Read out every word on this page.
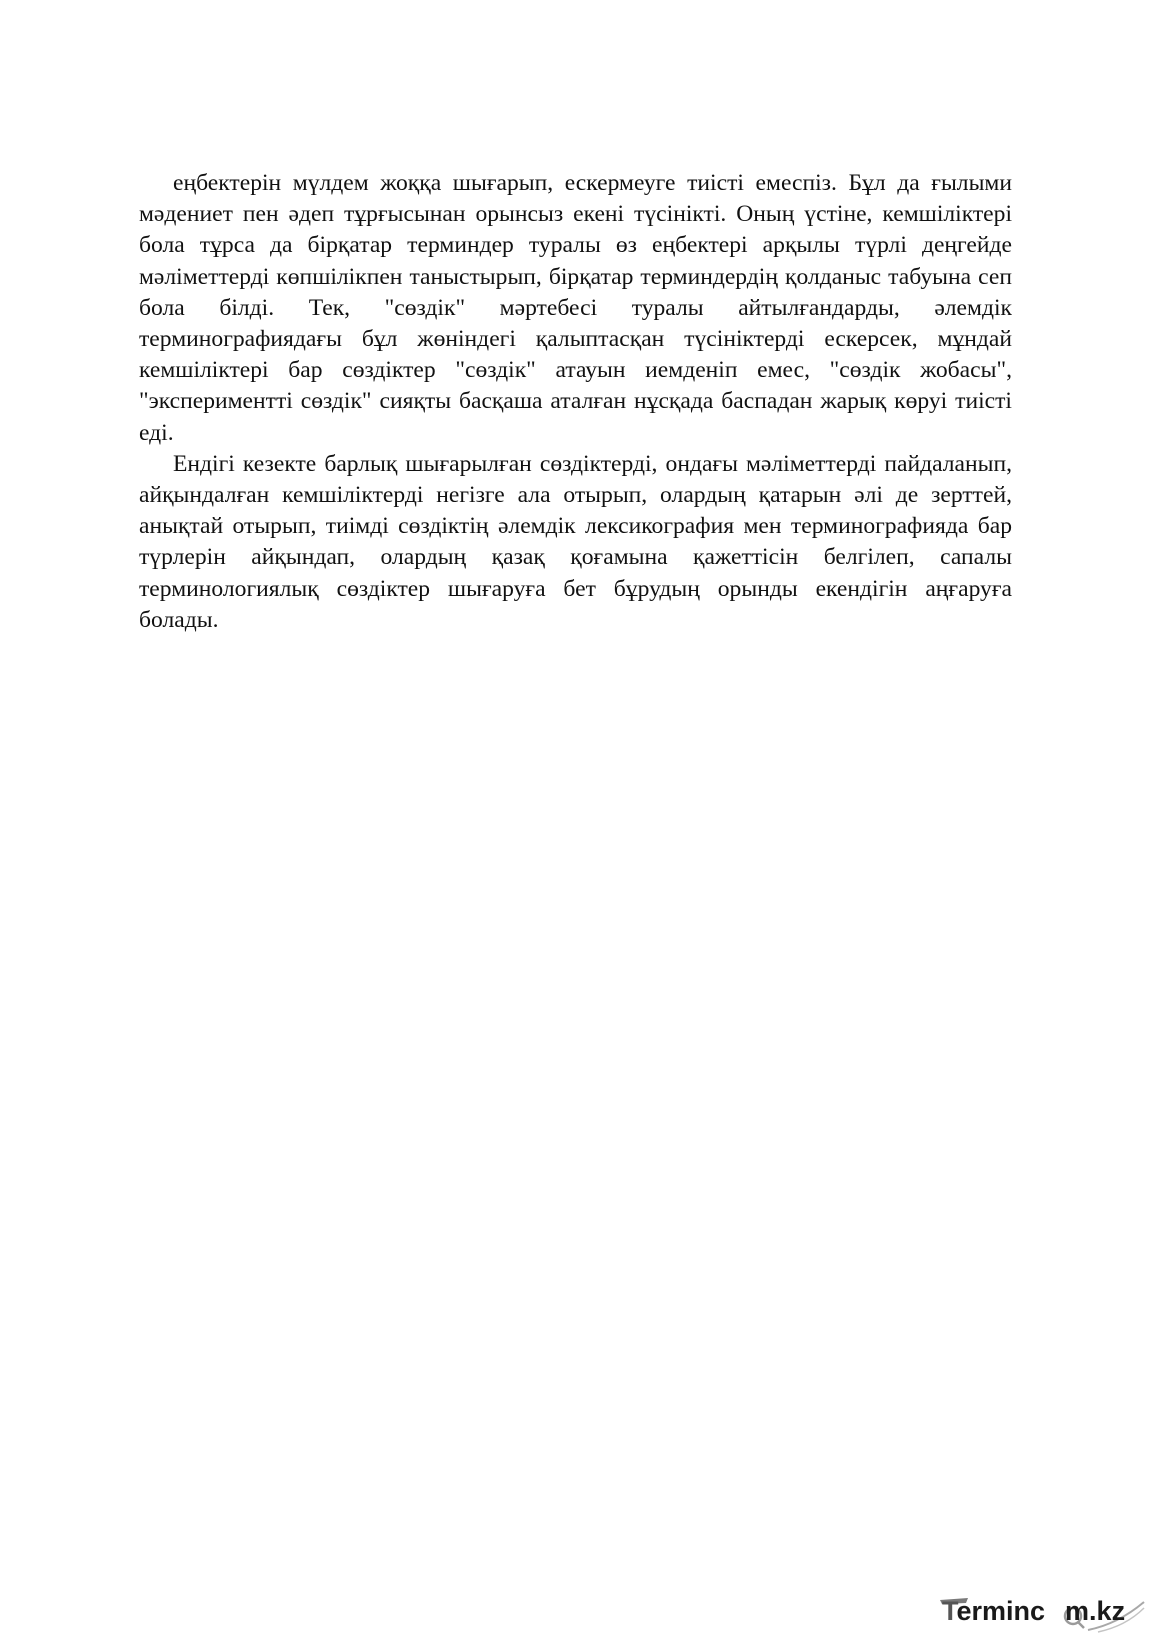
еңбектерін мүлдем жоққа шығарып, ескермеуге тиісті емеспіз. Бұл да ғылыми мәдениет пен әдеп тұрғысынан орынсыз екені түсінікті. Оның үстіне, кемшіліктері бола тұрса да бірқатар терминдер туралы өз еңбектері арқылы түрлі деңгейде мәліметтерді көпшілікпен таныстырып, бірқатар терминдердің қолданыс табуына сеп бола білді. Тек, "сөздік" мәртебесі туралы айтылғандарды, әлемдік терминографиядағы бұл жөніндегі қалыптасқан түсініктерді ескерсек, мұндай кемшіліктері бар сөздіктер "сөздік" атауын иемденіп емес, "сөздік жобасы", "экспериментті сөздік" сияқты басқаша аталған нұсқада баспадан жарық көруі тиісті еді.

Ендігі кезекте барлық шығарылған сөздіктерді, ондағы мәліметтерді пайдаланып, айқындалған кемшіліктерді негізге ала отырып, олардың қатарын әлі де зерттей, анықтай отырып, тиімді сөздіктің әлемдік лексикография мен терминографияда бар түрлерін айқындап, олардың қазақ қоғамына қажеттісін белгілеп, сапалы терминологиялық сөздіктер шығаруға бет бұрудың орынды екендігін аңғаруға болады.

Terminc m.kz
